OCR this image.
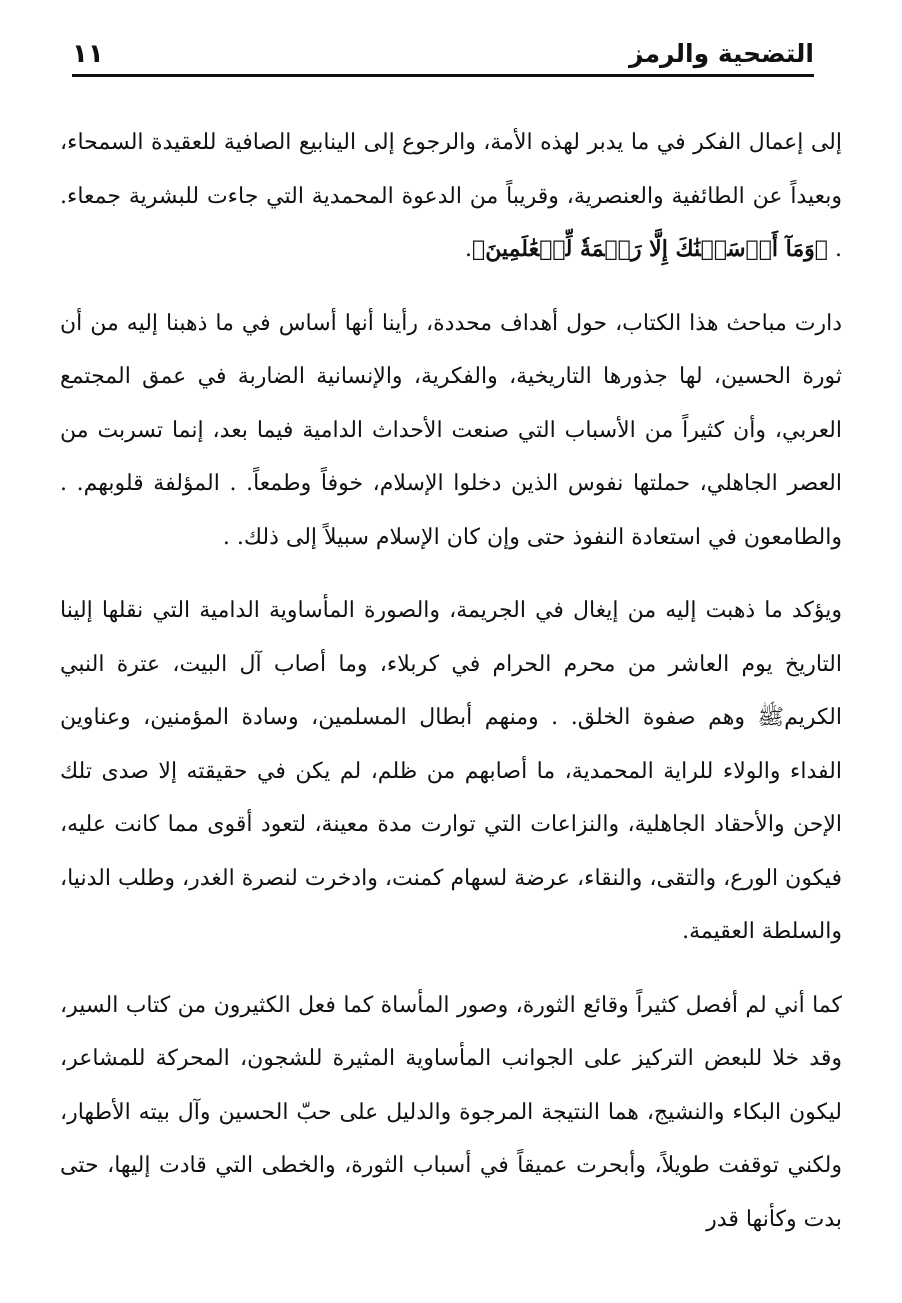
التضحية والرمز
١١

إلى إعمال الفكر في ما يدبر لهذه الأمة، والرجوع إلى الينابيع الصافية للعقيدة السمحاء، وبعيداً عن الطائفية والعنصرية، وقريباً من الدعوة المحمدية التي جاءت للبشرية جمعاء. . ﴿وَمَآ أَرۡسَلۡنَٰكَ إِلَّا رَحۡمَةٗ لِّلۡعَٰلَمِينَ﴾.

دارت مباحث هذا الكتاب، حول أهداف محددة، رأينا أنها أساس في ما ذهبنا إليه من أن ثورة الحسين، لها جذورها التاريخية، والفكرية، والإنسانية الضاربة في عمق المجتمع العربي، وأن كثيراً من الأسباب التي صنعت الأحداث الدامية فيما بعد، إنما تسربت من العصر الجاهلي، حملتها نفوس الذين دخلوا الإسلام، خوفاً وطمعاً. . المؤلفة قلوبهم. . والطامعون في استعادة النفوذ حتى وإن كان الإسلام سبيلاً إلى ذلك. .

ويؤكد ما ذهبت إليه من إيغال في الجريمة، والصورة المأساوية الدامية التي نقلها إلينا التاريخ يوم العاشر من محرم الحرام في كربلاء، وما أصاب آل البيت، عترة النبي الكريمﷺ وهم صفوة الخلق. . ومنهم أبطال المسلمين، وسادة المؤمنين، وعناوين الفداء والولاء للراية المحمدية، ما أصابهم من ظلم، لم يكن في حقيقته إلا صدى تلك الإحن والأحقاد الجاهلية، والنزاعات التي توارت مدة معينة، لتعود أقوى مما كانت عليه، فيكون الورع، والتقى، والنقاء، عرضة لسهام كمنت، وادخرت لنصرة الغدر، وطلب الدنيا، والسلطة العقيمة.

كما أني لم أفصل كثيراً وقائع الثورة، وصور المأساة كما فعل الكثيرون من كتاب السير، وقد خلا للبعض التركيز على الجوانب المأساوية المثيرة للشجون، المحركة للمشاعر، ليكون البكاء والنشيج، هما النتيجة المرجوة والدليل على حبّ الحسين وآل بيته الأطهار، ولكني توقفت طويلاً، وأبحرت عميقاً في أسباب الثورة، والخطى التي قادت إليها، حتى بدت وكأنها قدر
